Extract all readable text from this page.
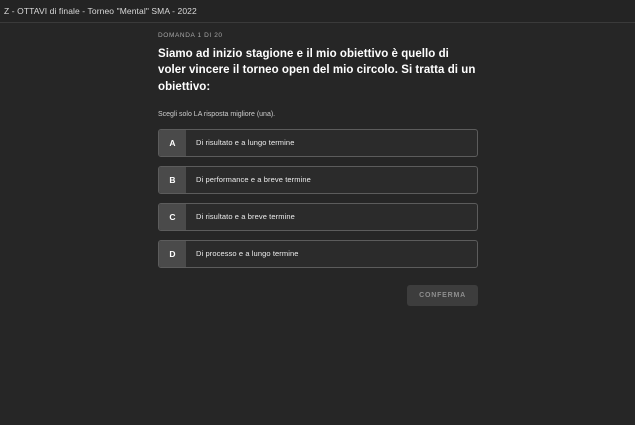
Z - OTTAVI di finale - Torneo "Mental" SMA - 2022
DOMANDA 1 DI 20
Siamo ad inizio stagione e il mio obiettivo è quello di voler vincere il torneo open del mio circolo. Si tratta di un obiettivo:
Scegli solo LA risposta migliore (una).
A	Di risultato e a lungo termine
B	Di performance e a breve termine
C	Di risultato e a breve termine
D	Di processo e a lungo termine
CONFERMA
